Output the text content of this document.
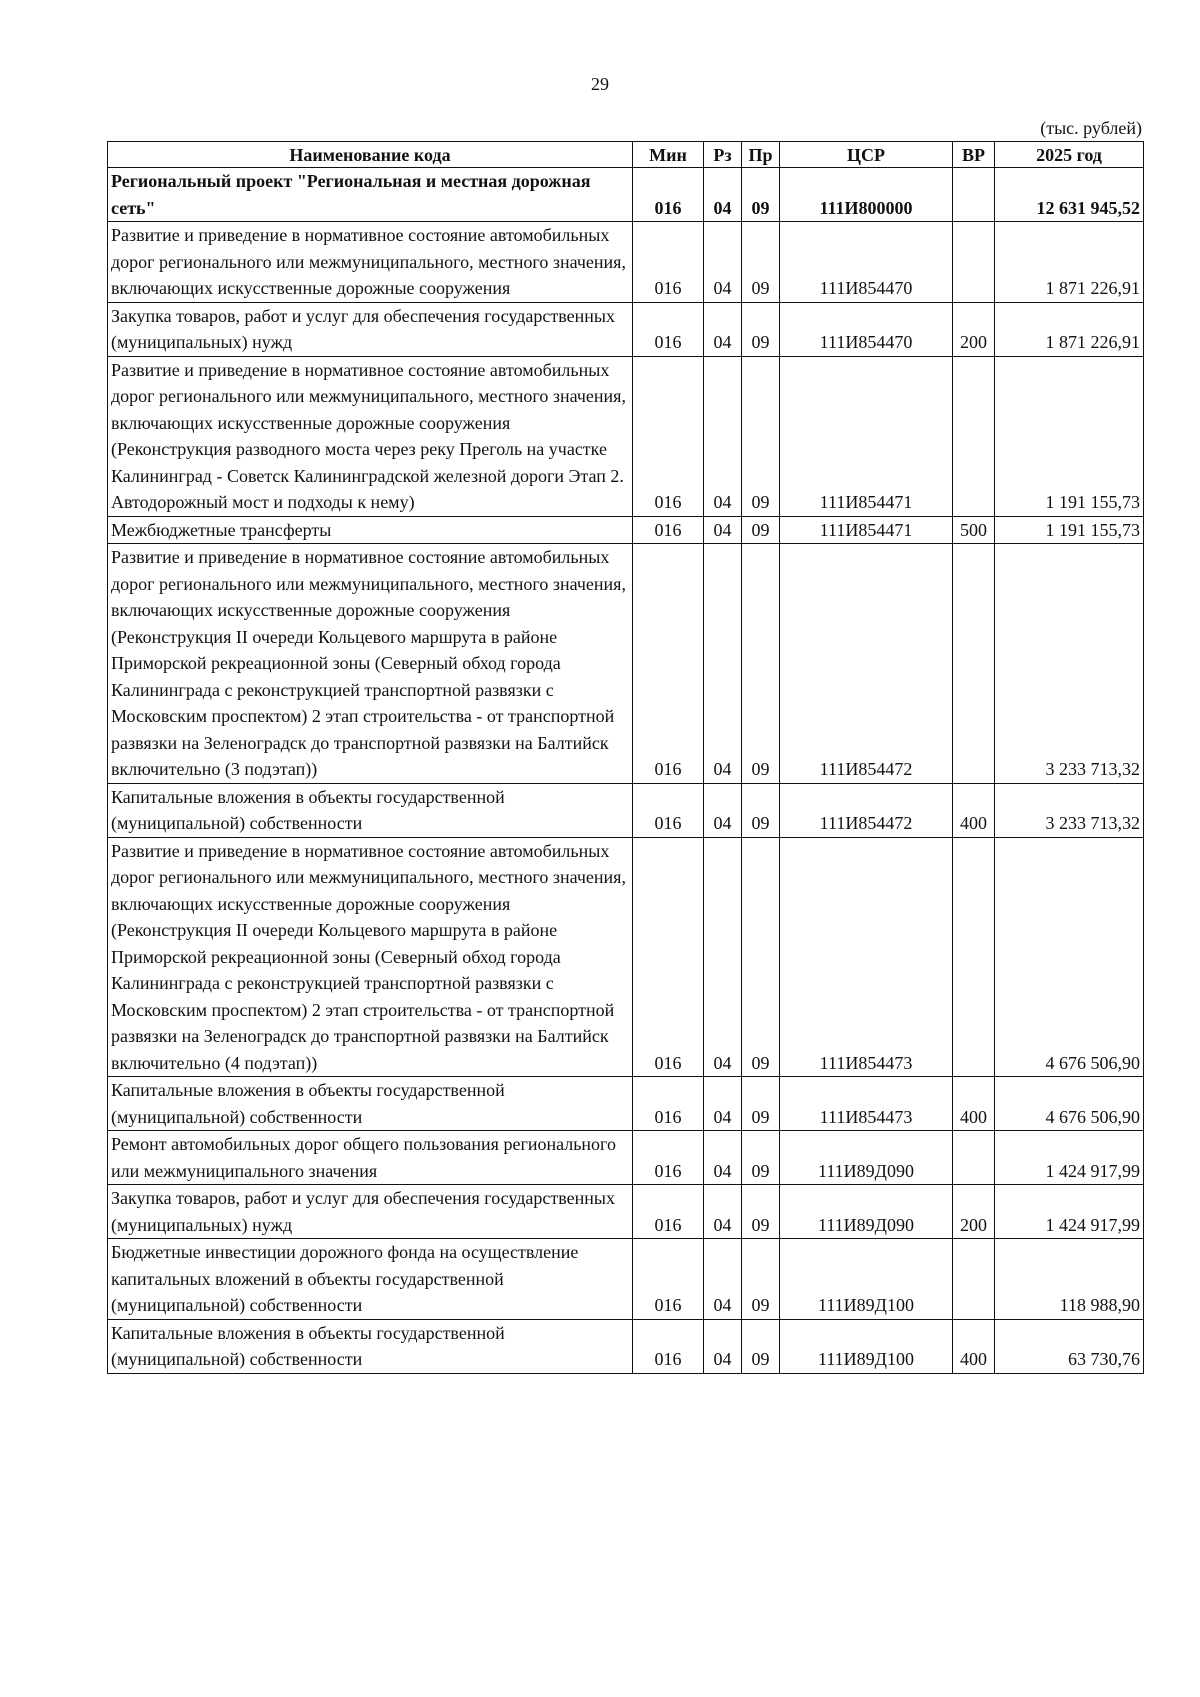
29
(тыс. рублей)
Наименование кода	Мин	Рз	Пр	ЦСР	ВР	2025 год
Региональный проект "Региональная и местная дорожная сеть"	016	04	09	111И800000		12 631 945,52
Развитие и приведение в нормативное состояние автомобильных дорог регионального или межмуниципального, местного значения, включающих искусственные дорожные сооружения	016	04	09	111И854470		1 871 226,91
Закупка товаров, работ и услуг для обеспечения государственных (муниципальных) нужд	016	04	09	111И854470	200	1 871 226,91
Развитие и приведение в нормативное состояние автомобильных дорог регионального или межмуниципального, местного значения, включающих искусственные дорожные сооружения (Реконструкция разводного моста через реку Преголь на участке Калининград - Советск Калининградской железной дороги Этап 2. Автодорожный мост и подходы к нему)	016	04	09	111И854471		1 191 155,73
Межбюджетные трансферты	016	04	09	111И854471	500	1 191 155,73
Развитие и приведение в нормативное состояние автомобильных дорог регионального или межмуниципального, местного значения, включающих искусственные дорожные сооружения (Реконструкция II очереди Кольцевого маршрута в районе Приморской рекреационной зоны (Северный обход города Калининграда с реконструкцией транспортной развязки с Московским проспектом) 2 этап строительства - от транспортной развязки на Зеленоградск до транспортной развязки на Балтийск включительно (3 подэтап))	016	04	09	111И854472		3 233 713,32
Капитальные вложения в объекты государственной (муниципальной) собственности	016	04	09	111И854472	400	3 233 713,32
Развитие и приведение в нормативное состояние автомобильных дорог регионального или межмуниципального, местного значения, включающих искусственные дорожные сооружения (Реконструкция II очереди Кольцевого маршрута в районе Приморской рекреационной зоны (Северный обход города Калининграда с реконструкцией транспортной развязки с Московским проспектом) 2 этап строительства - от транспортной развязки на Зеленоградск до транспортной развязки на Балтийск включительно (4 подэтап))	016	04	09	111И854473		4 676 506,90
Капитальные вложения в объекты государственной (муниципальной) собственности	016	04	09	111И854473	400	4 676 506,90
Ремонт автомобильных дорог общего пользования регионального или межмуниципального значения	016	04	09	111И89Д090		1 424 917,99
Закупка товаров, работ и услуг для обеспечения государственных (муниципальных) нужд	016	04	09	111И89Д090	200	1 424 917,99
Бюджетные инвестиции дорожного фонда на осуществление капитальных вложений в объекты государственной (муниципальной) собственности	016	04	09	111И89Д100		118 988,90
Капитальные вложения в объекты государственной (муниципальной) собственности	016	04	09	111И89Д100	400	63 730,76
